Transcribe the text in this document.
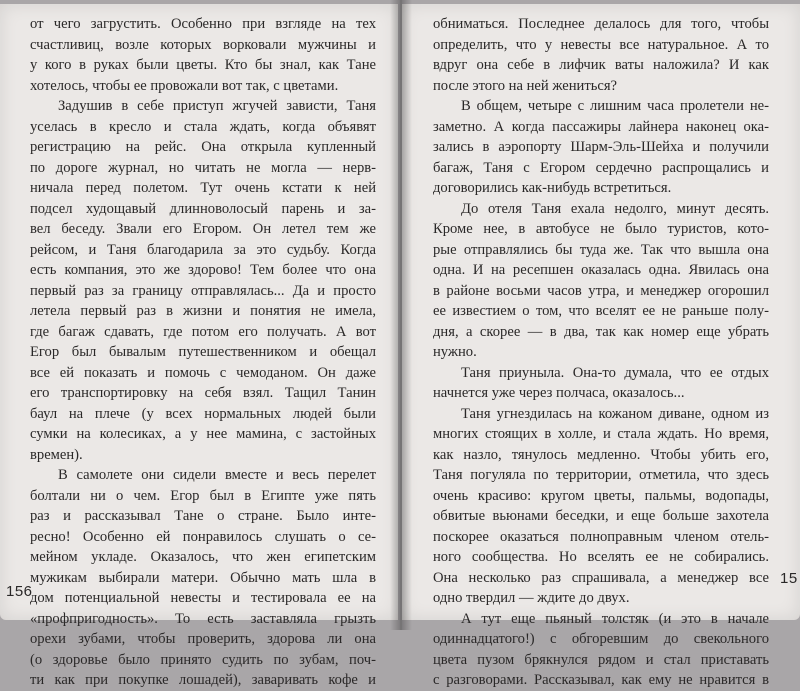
от чего загрустить. Особенно при взгляде на тех
счастливиц, возле которых ворковали мужчины и
у кого в руках были цветы. Кто бы знал, как Тане
хотелось, чтобы ее провожали вот так, с цветами.
Задушив в себе приступ жгучей зависти, Таня
уселась в кресло и стала ждать, когда объявят
регистрацию на рейс. Она открыла купленный
по дороге журнал, но читать не могла — нерв-
ничала перед полетом. Тут очень кстати к ней
подсел худощавый длинноволосый парень и за-
вел беседу. Звали его Егором. Он летел тем же
рейсом, и Таня благодарила за это судьбу. Когда
есть компания, это же здорово! Тем более что она
первый раз за границу отправлялась... Да и просто
летела первый раз в жизни и понятия не имела,
где багаж сдавать, где потом его получать. А вот
Егор был бывалым путешественником и обещал
все ей показать и помочь с чемоданом. Он даже
его транспортировку на себя взял. Тащил Танин
баул на плече (у всех нормальных людей были
сумки на колесиках, а у нее мамина, с застойных
времен).
В самолете они сидели вместе и весь перелет
болтали ни о чем. Егор был в Египте уже пять
раз и рассказывал Тане о стране. Было инте-
ресно! Особенно ей понравилось слушать о се-
мейном укладе. Оказалось, что жен египетским
мужикам выбирали матери. Обычно мать шла в
дом потенциальной невесты и тестировала ее на
«профпригодность». То есть заставляла грызть
орехи зубами, чтобы проверить, здорова ли она
(о здоровье было принято судить по зубам, поч-
ти как при покупке лошадей), заваривать кофе и
обниматься. Последнее делалось для того, чтобы
определить, что у невесты все натуральное. А то
вдруг она себе в лифчик ваты наложила? И как
после этого на ней жениться?
В общем, четыре с лишним часа пролетели не-
заметно. А когда пассажиры лайнера наконец ока-
зались в аэропорту Шарм-Эль-Шейха и получили
багаж, Таня с Егором сердечно распрощались и
договорились как-нибудь встретиться.
До отеля Таня ехала недолго, минут десять.
Кроме нее, в автобусе не было туристов, кото-
рые отправлялись бы туда же. Так что вышла она
одна. И на ресепшен оказалась одна. Явилась она
в районе восьми часов утра, и менеджер огорошил
ее известием о том, что вселят ее не раньше полу-
дня, а скорее — в два, так как номер еще убрать
нужно.
Таня приуныла. Она-то думала, что ее отдых
начнется уже через полчаса, оказалось...
Таня угнездилась на кожаном диване, одном из
многих стоящих в холле, и стала ждать. Но время,
как назло, тянулось медленно. Чтобы убить его,
Таня погуляла по территории, отметила, что здесь
очень красиво: кругом цветы, пальмы, водопады,
обвитые вьюнами беседки, и еще больше захотела
поскорее оказаться полноправным членом отель-
ного сообщества. Но вселять ее не собирались.
Она несколько раз спрашивала, а менеджер все
одно твердил — ждите до двух.
А тут еще пьяный толстяк (и это в начале
одиннадцатого!) с обгоревшим до свекольного
цвета пузом брякнулся рядом и стал приставать
с разговорами. Рассказывал, как ему не нравится в
156
15
